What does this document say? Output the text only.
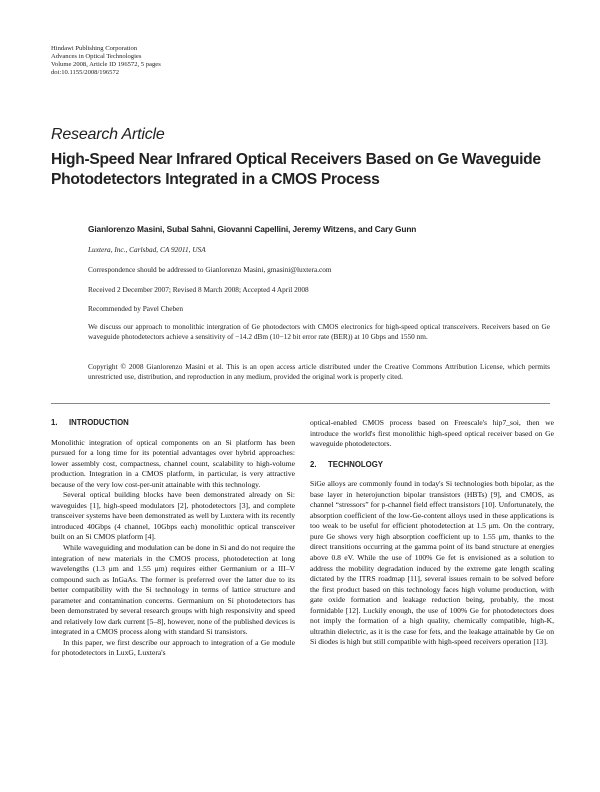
Hindawi Publishing Corporation
Advances in Optical Technologies
Volume 2008, Article ID 196572, 5 pages
doi:10.1155/2008/196572
Research Article
High-Speed Near Infrared Optical Receivers Based on Ge Waveguide Photodetectors Integrated in a CMOS Process
Gianlorenzo Masini, Subal Sahni, Giovanni Capellini, Jeremy Witzens, and Cary Gunn
Luxtera, Inc., Carlsbad, CA 92011, USA
Correspondence should be addressed to Gianlorenzo Masini, gmasini@luxtera.com
Received 2 December 2007; Revised 8 March 2008; Accepted 4 April 2008
Recommended by Pavel Cheben
We discuss our approach to monolithic intergration of Ge photodectors with CMOS electronics for high-speed optical transceivers. Receivers based on Ge waveguide photodetectors achieve a sensitivity of −14.2 dBm (10−12 bit error rate (BER)) at 10 Gbps and 1550 nm.
Copyright © 2008 Gianlorenzo Masini et al. This is an open access article distributed under the Creative Commons Attribution License, which permits unrestricted use, distribution, and reproduction in any medium, provided the original work is properly cited.
1. INTRODUCTION

Monolithic integration of optical components on an Si platform has been pursued for a long time for its potential advantages over hybrid approaches: lower assembly cost, compactness, channel count, scalability to high-volume production. Integration in a CMOS platform, in particular, is very attractive because of the very low cost-per-unit attainable with this technology.

Several optical building blocks have been demonstrated already on Si: waveguides [1], high-speed modulators [2], photodetectors [3], and complete transceiver systems have been demonstrated as well by Luxtera with its recently introduced 40Gbps (4 channel, 10Gbps each) monolithic optical transceiver built on an Si CMOS platform [4].

While waveguiding and modulation can be done in Si and do not require the integration of new materials in the CMOS process, photodetection at long wavelengths (1.3 μm and 1.55 μm) requires either Germanium or a III–V compound such as InGaAs. The former is preferred over the latter due to its better compatibility with the Si technology in terms of lattice structure and parameter and contamination concerns. Germanium on Si photodetectors has been demonstrated by several research groups with high responsivity and speed and relatively low dark current [5–8], however, none of the published devices is integrated in a CMOS process along with standard Si transistors.

In this paper, we first describe our approach to integration of a Ge module for photodetectors in LuxG, Luxtera's

optical-enabled CMOS process based on Freescale's hip7_soi, then we introduce the world's first monolithic high-speed optical receiver based on Ge waveguide photodetectors.

2. TECHNOLOGY

SiGe alloys are commonly found in today's Si technologies both bipolar, as the base layer in heterojunction bipolar transistors (HBTs) [9], and CMOS, as channel “stressors” for p-channel field effect transistors [10]. Unfortunately, the absorption coefficient of the low-Ge-content alloys used in these applications is too weak to be useful for efficient photodetection at 1.5 μm. On the contrary, pure Ge shows very high absorption coefficient up to 1.55 μm, thanks to the direct transitions occurring at the gamma point of its band structure at energies above 0.8 eV. While the use of 100% Ge fet is envisioned as a solution to address the mobility degradation induced by the extreme gate length scaling dictated by the ITRS roadmap [11], several issues remain to be solved before the first product based on this technology faces high volume production, with gate oxide formation and leakage reduction being, probably, the most formidable [12]. Luckily enough, the use of 100% Ge for photodetectors does not imply the formation of a high quality, chemically compatible, high-K, ultrathin dielectric, as it is the case for fets, and the leakage attainable by Ge on Si diodes is high but still compatible with high-speed receivers operation [13].
